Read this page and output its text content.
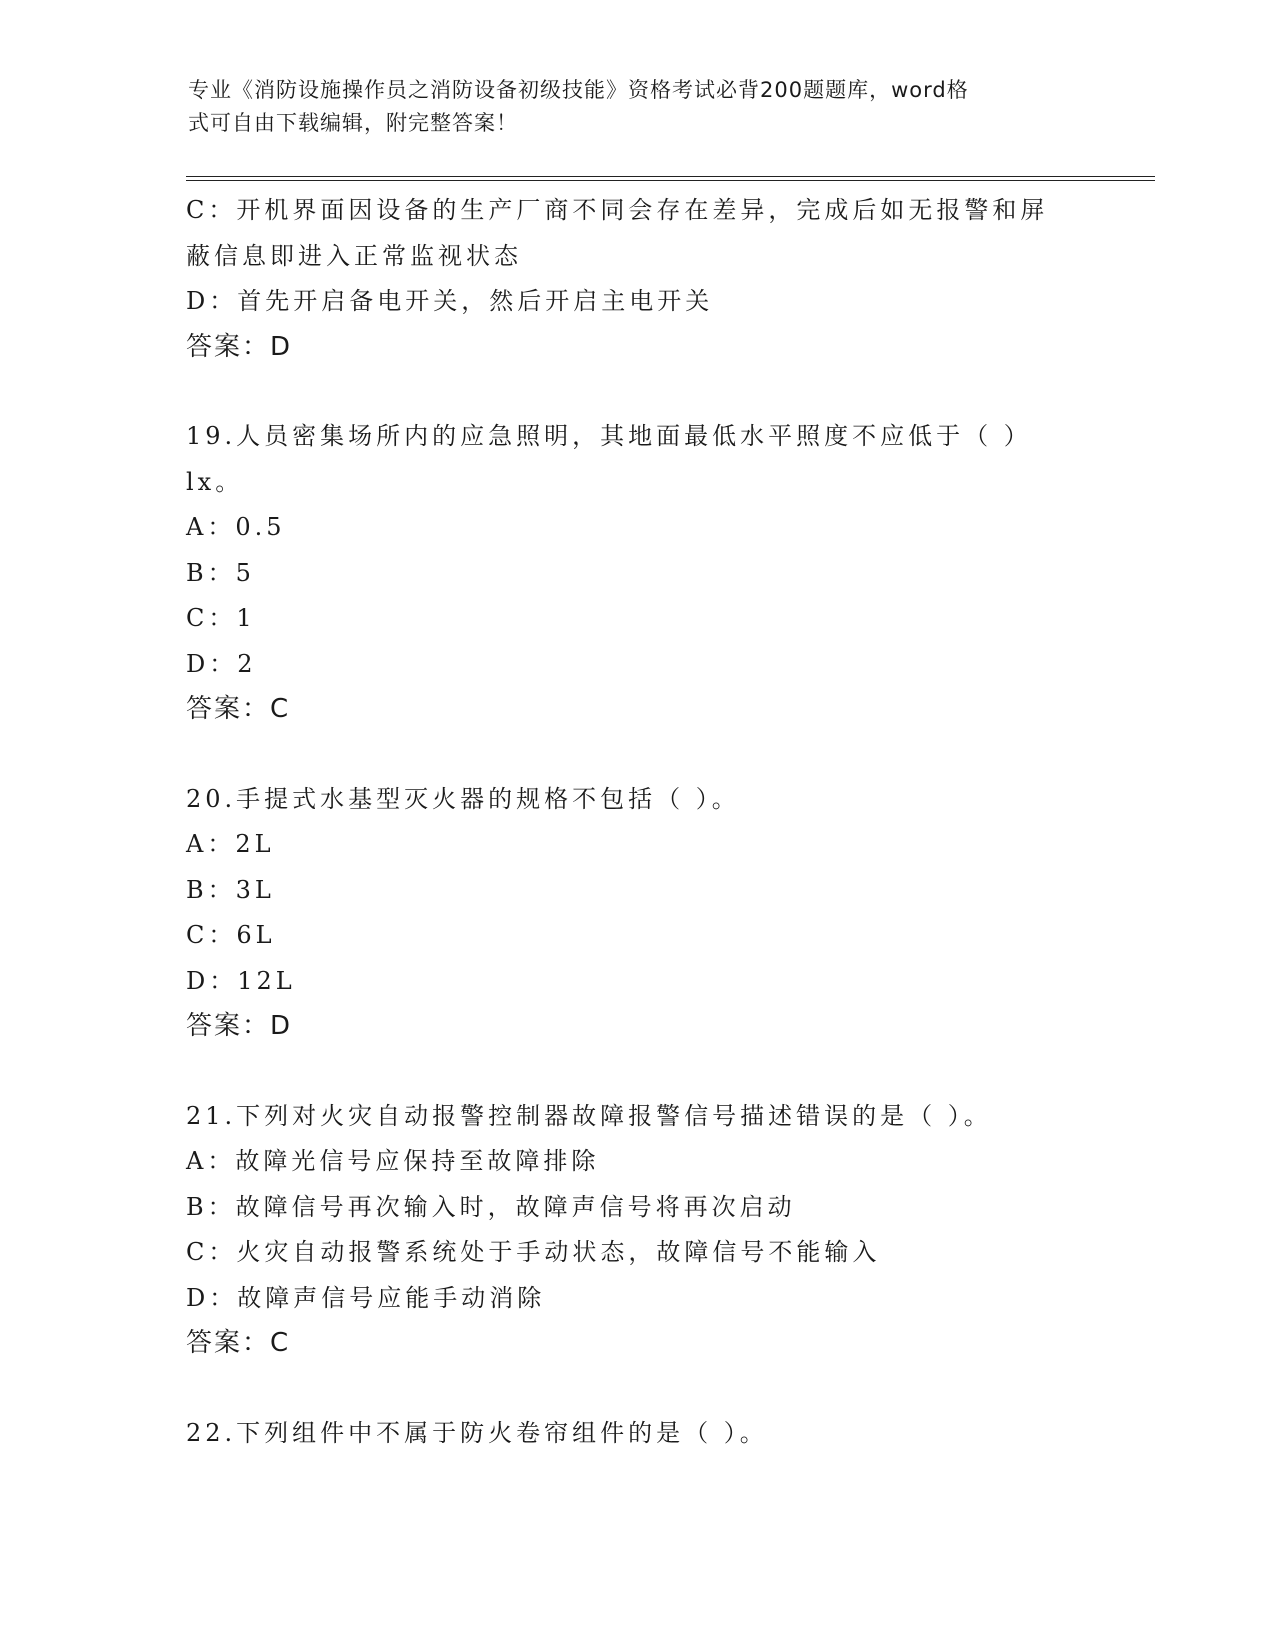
专业《消防设施操作员之消防设备初级技能》资格考试必背200题题库，word格
式可自由下载编辑，附完整答案！
C：开机界面因设备的生产厂商不同会存在差异，完成后如无报警和屏
蔽信息即进入正常监视状态
D：首先开启备电开关，然后开启主电开关
答案：D
19.人员密集场所内的应急照明，其地面最低水平照度不应低于（ ）
lx。
A：0.5
B：5
C：1
D：2
答案：C
20.手提式水基型灭火器的规格不包括（ ）。
A：2L
B：3L
C：6L
D：12L
答案：D
21.下列对火灾自动报警控制器故障报警信号描述错误的是（ ）。
A：故障光信号应保持至故障排除
B：故障信号再次输入时，故障声信号将再次启动
C：火灾自动报警系统处于手动状态，故障信号不能输入
D：故障声信号应能手动消除
答案：C
22.下列组件中不属于防火卷帘组件的是（ ）。
